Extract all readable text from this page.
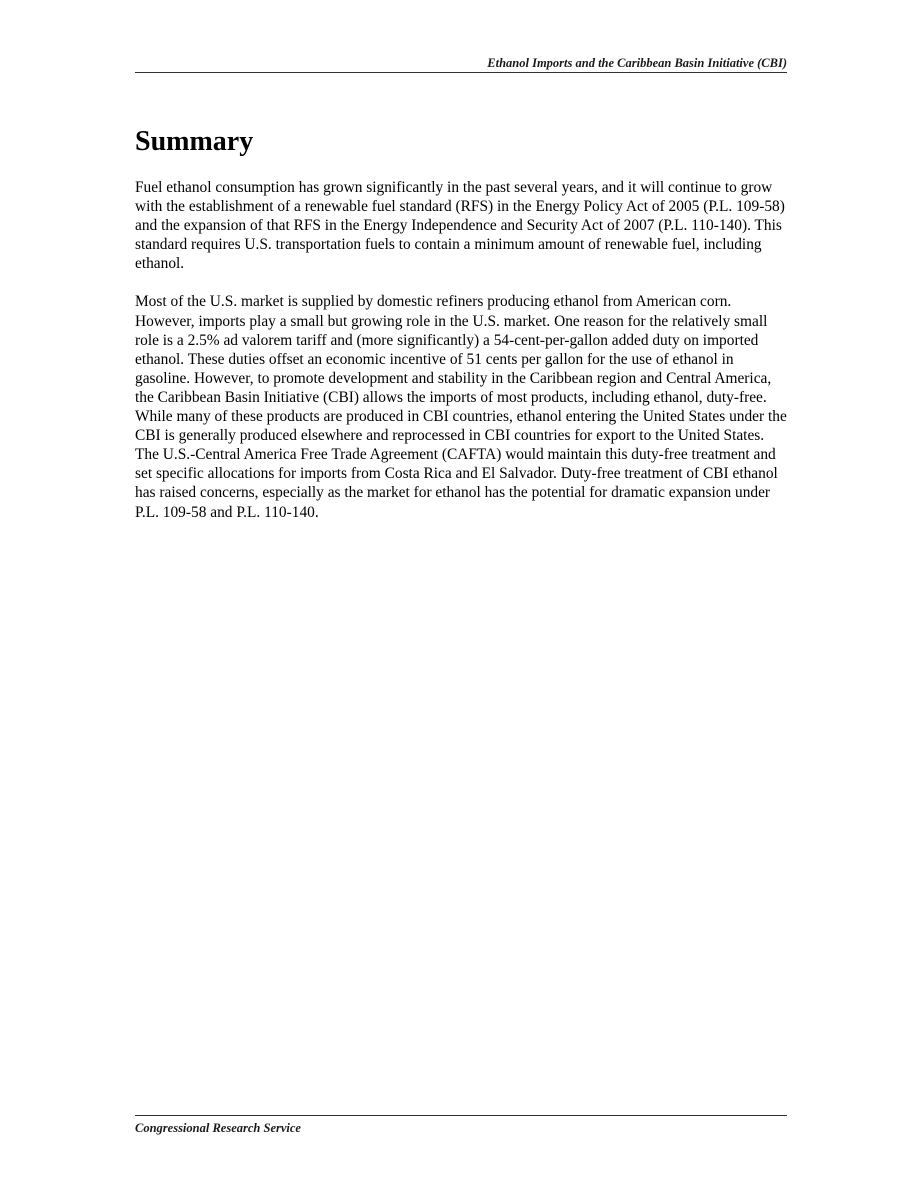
Ethanol Imports and the Caribbean Basin Initiative (CBI)
Summary

Fuel ethanol consumption has grown significantly in the past several years, and it will continue to grow with the establishment of a renewable fuel standard (RFS) in the Energy Policy Act of 2005 (P.L. 109-58) and the expansion of that RFS in the Energy Independence and Security Act of 2007 (P.L. 110-140). This standard requires U.S. transportation fuels to contain a minimum amount of renewable fuel, including ethanol.

Most of the U.S. market is supplied by domestic refiners producing ethanol from American corn. However, imports play a small but growing role in the U.S. market. One reason for the relatively small role is a 2.5% ad valorem tariff and (more significantly) a 54-cent-per-gallon added duty on imported ethanol. These duties offset an economic incentive of 51 cents per gallon for the use of ethanol in gasoline. However, to promote development and stability in the Caribbean region and Central America, the Caribbean Basin Initiative (CBI) allows the imports of most products, including ethanol, duty-free. While many of these products are produced in CBI countries, ethanol entering the United States under the CBI is generally produced elsewhere and reprocessed in CBI countries for export to the United States. The U.S.-Central America Free Trade Agreement (CAFTA) would maintain this duty-free treatment and set specific allocations for imports from Costa Rica and El Salvador. Duty-free treatment of CBI ethanol has raised concerns, especially as the market for ethanol has the potential for dramatic expansion under P.L. 109-58 and P.L. 110-140.

Congressional Research Service
